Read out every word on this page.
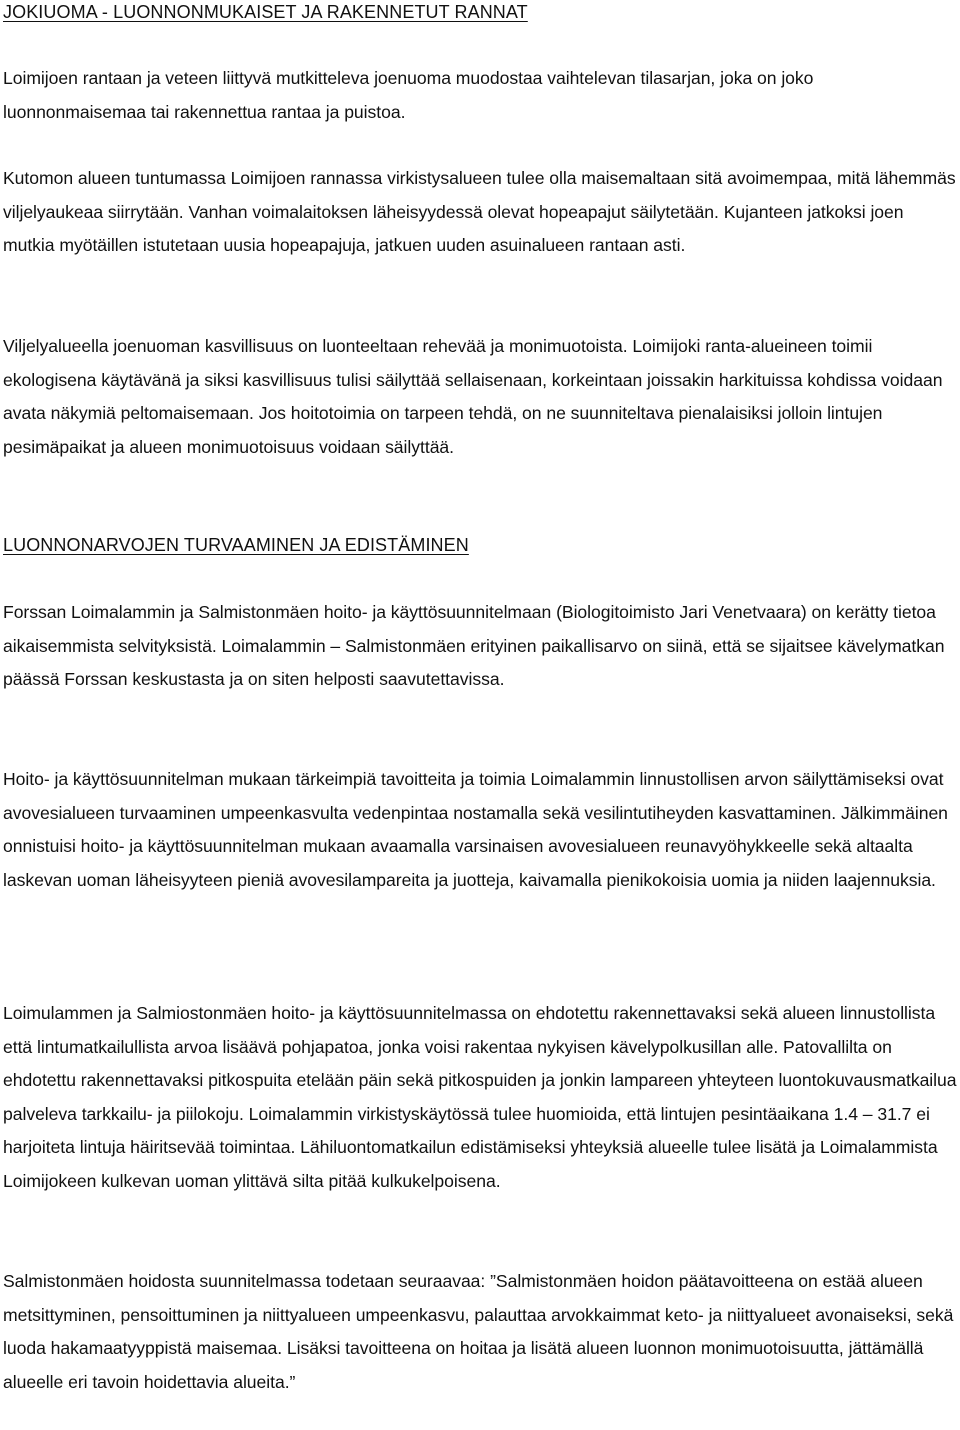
JOKIUOMA - LUONNONMUKAISET JA RAKENNETUT RANNAT

Loimijoen rantaan ja veteen liittyvä mutkitteleva joenuoma muodostaa vaihtelevan tilasarjan, joka on joko luonnonmaisemaa tai rakennettua rantaa ja puistoa.

Kutomon alueen tuntumassa Loimijoen rannassa virkistysalueen tulee olla maisemaltaan sitä avoimempaa, mitä lähemmäs viljelyaukeaa siirrytään. Vanhan voimalaitoksen läheisyydessä olevat hopeapajut säilytetään. Kujanteen jatkoksi joen mutkia myötäillen istutetaan uusia hopeapajuja, jatkuen uuden asuinalueen rantaan asti.

Viljelyalueella joenuoman kasvillisuus on luonteeltaan rehevää ja monimuotoista. Loimijoki ranta-alueineen toimii ekologisena käytävänä ja siksi kasvillisuus tulisi säilyttää sellaisenaan, korkeintaan joissakin harkituissa kohdissa voidaan avata näkymiä peltomaisemaan. Jos hoitotoimia on tarpeen tehdä, on ne suunniteltava pienalaisiksi jolloin lintujen pesimäpaikat ja alueen monimuotoisuus voidaan säilyttää.

LUONNONARVOJEN TURVAAMINEN JA EDISTÄMINEN

Forssan Loimalammin ja Salmistonmäen hoito- ja käyttösuunnitelmaan (Biologitoimisto Jari Venetvaara) on kerätty tietoa aikaisemmista selvityksistä. Loimalammin – Salmistonmäen erityinen paikallisarvo on siinä, että se sijaitsee kävelymatkan päässä Forssan keskustasta ja on siten helposti saavutettavissa.

Hoito- ja käyttösuunnitelman mukaan tärkeimpiä tavoitteita ja toimia Loimalammin linnustollisen arvon säilyttämiseksi ovat avovesialueen turvaaminen umpeenkasvulta vedenpintaa nostamalla sekä vesilintutiheyden kasvattaminen. Jälkimmäinen onnistuisi hoito- ja käyttösuunnitelman mukaan avaamalla varsinaisen avovesialueen reunavyöhykkeelle sekä altaalta laskevan uoman läheisyyteen pieniä avovesilampareita ja juotteja, kaivamalla pienikokoisia uomia ja niiden laajennuksia.

Loimulammen ja Salmiostonmäen hoito- ja käyttösuunnitelmassa on ehdotettu rakennettavaksi sekä alueen linnustollista että lintumatkailullista arvoa lisäävä pohjapatoa, jonka voisi rakentaa nykyisen kävelypolkusillan alle. Patovallilta on ehdotettu rakennettavaksi pitkospuita etelään päin sekä pitkospuiden ja jonkin lampareen yhteyteen luontokuvausmatkailua palveleva tarkkailu- ja piilokoju. Loimalammin virkistyskäytössä tulee huomioida, että lintujen pesintäaikana 1.4 – 31.7 ei harjoiteta lintuja häiritsevää toimintaa. Lähiluontomatkailun edistämiseksi yhteyksiä alueelle tulee lisätä ja Loimalammista Loimijokeen kulkevan uoman ylittävä silta pitää kulkukelpoisena.

Salmistonmäen hoidosta suunnitelmassa todetaan seuraavaa: ”Salmistonmäen hoidon päätavoitteena on estää alueen metsittyminen, pensoittuminen ja niittyalueen umpeenkasvu, palauttaa arvokkaimmat keto- ja niittyalueet avonaiseksi, sekä luoda hakamaatyyppistä maisemaa. Lisäksi tavoitteena on hoitaa ja lisätä alueen luonnon monimuotoisuutta, jättämällä alueelle eri tavoin hoidettavia alueita.”
